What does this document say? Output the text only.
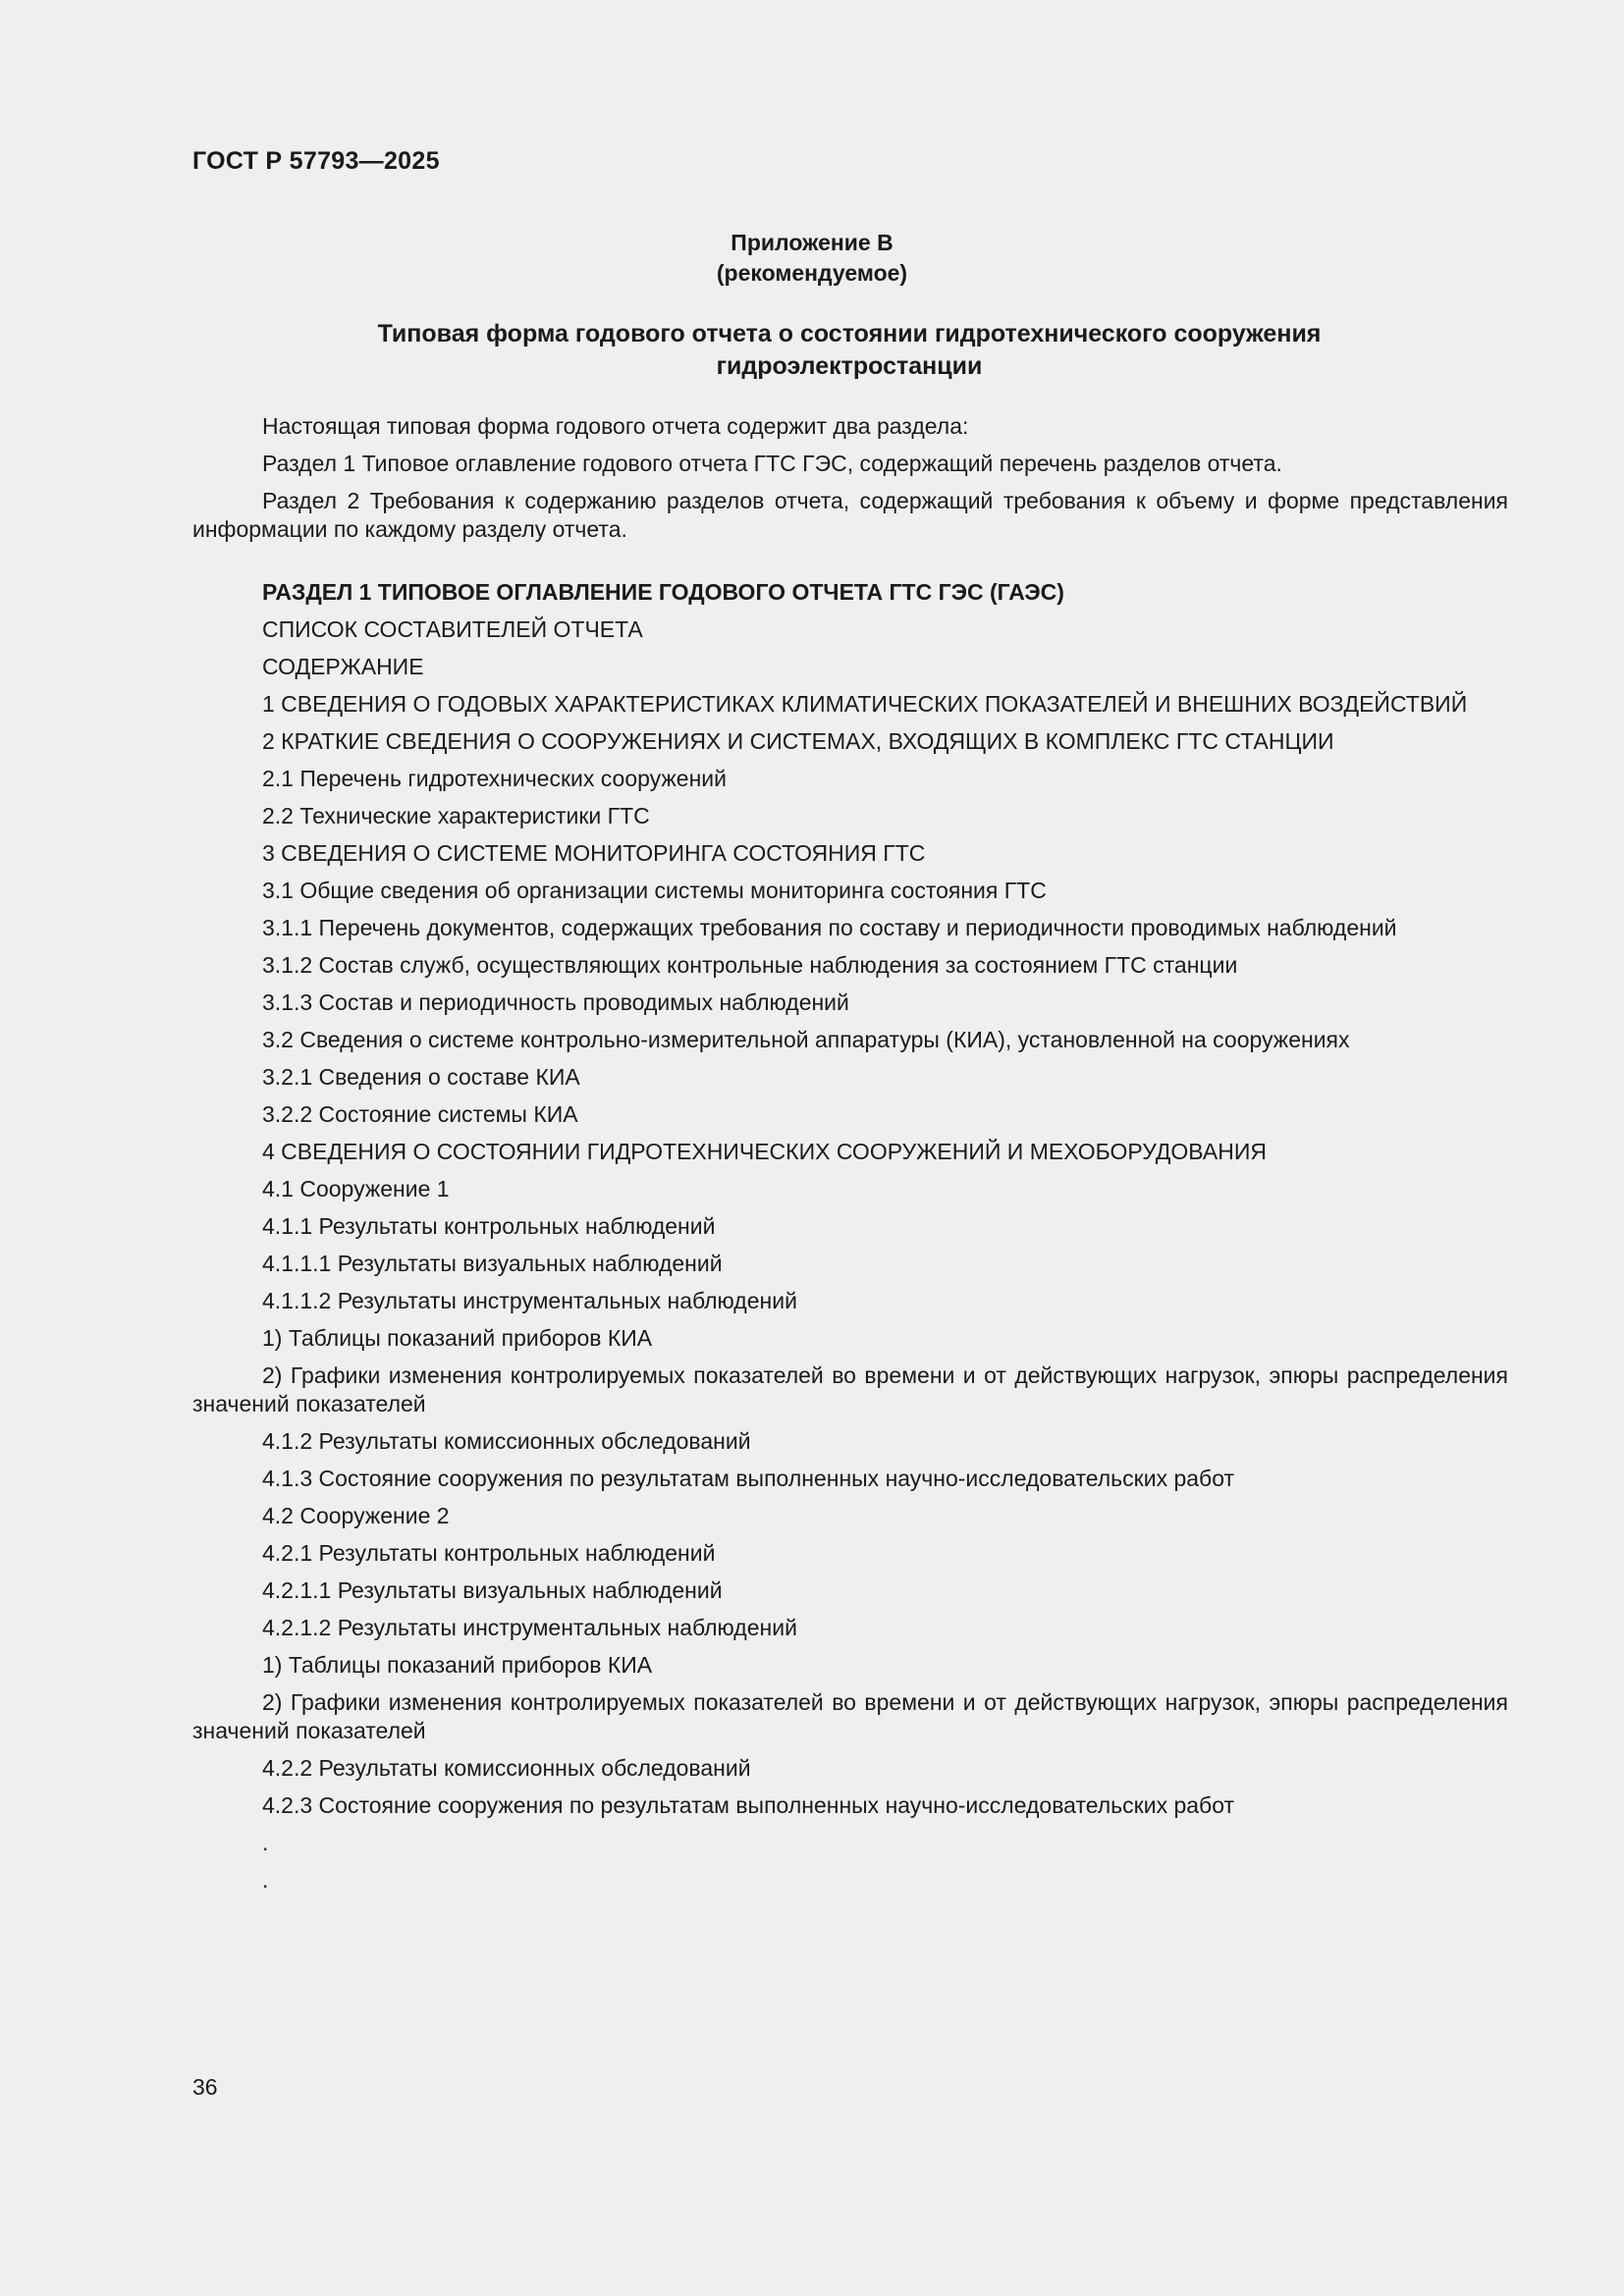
ГОСТ Р 57793—2025
Приложение В
(рекомендуемое)
Типовая форма годового отчета о состоянии гидротехнического сооружения
гидроэлектростанции

Настоящая типовая форма годового отчета содержит два раздела:

Раздел 1 Типовое оглавление годового отчета ГТС ГЭС, содержащий перечень разделов отчета.

Раздел 2 Требования к содержанию разделов отчета, содержащий требования к объему и форме представления информации по каждому разделу отчета.

РАЗДЕЛ 1 ТИПОВОЕ ОГЛАВЛЕНИЕ ГОДОВОГО ОТЧЕТА ГТС ГЭС (ГАЭС)

СПИСОК СОСТАВИТЕЛЕЙ ОТЧЕТА

СОДЕРЖАНИЕ

1 СВЕДЕНИЯ О ГОДОВЫХ ХАРАКТЕРИСТИКАХ КЛИМАТИЧЕСКИХ ПОКАЗАТЕЛЕЙ И ВНЕШНИХ ВОЗДЕЙСТВИЙ

2 КРАТКИЕ СВЕДЕНИЯ О СООРУЖЕНИЯХ И СИСТЕМАХ, ВХОДЯЩИХ В КОМПЛЕКС ГТС СТАНЦИИ

2.1 Перечень гидротехнических сооружений

2.2 Технические характеристики ГТС

3 СВЕДЕНИЯ О СИСТЕМЕ МОНИТОРИНГА СОСТОЯНИЯ ГТС

3.1 Общие сведения об организации системы мониторинга состояния ГТС

3.1.1 Перечень документов, содержащих требования по составу и периодичности проводимых наблюдений

3.1.2 Состав служб, осуществляющих контрольные наблюдения за состоянием ГТС станции

3.1.3 Состав и периодичность проводимых наблюдений

3.2 Сведения о системе контрольно-измерительной аппаратуры (КИА), установленной на сооружениях

3.2.1 Сведения о составе КИА

3.2.2 Состояние системы КИА

4 СВЕДЕНИЯ О СОСТОЯНИИ ГИДРОТЕХНИЧЕСКИХ СООРУЖЕНИЙ И МЕХОБОРУДОВАНИЯ

4.1 Сооружение 1

4.1.1 Результаты контрольных наблюдений

4.1.1.1 Результаты визуальных наблюдений

4.1.1.2 Результаты инструментальных наблюдений

1) Таблицы показаний приборов КИА

2) Графики изменения контролируемых показателей во времени и от действующих нагрузок, эпюры распределения значений показателей

4.1.2 Результаты комиссионных обследований

4.1.3 Состояние сооружения по результатам выполненных научно-исследовательских работ

4.2 Сооружение 2

4.2.1 Результаты контрольных наблюдений

4.2.1.1 Результаты визуальных наблюдений

4.2.1.2 Результаты инструментальных наблюдений

1) Таблицы показаний приборов КИА

2) Графики изменения контролируемых показателей во времени и от действующих нагрузок, эпюры распределения значений показателей

4.2.2 Результаты комиссионных обследований

4.2.3 Состояние сооружения по результатам выполненных научно-исследовательских работ

.

.

36
